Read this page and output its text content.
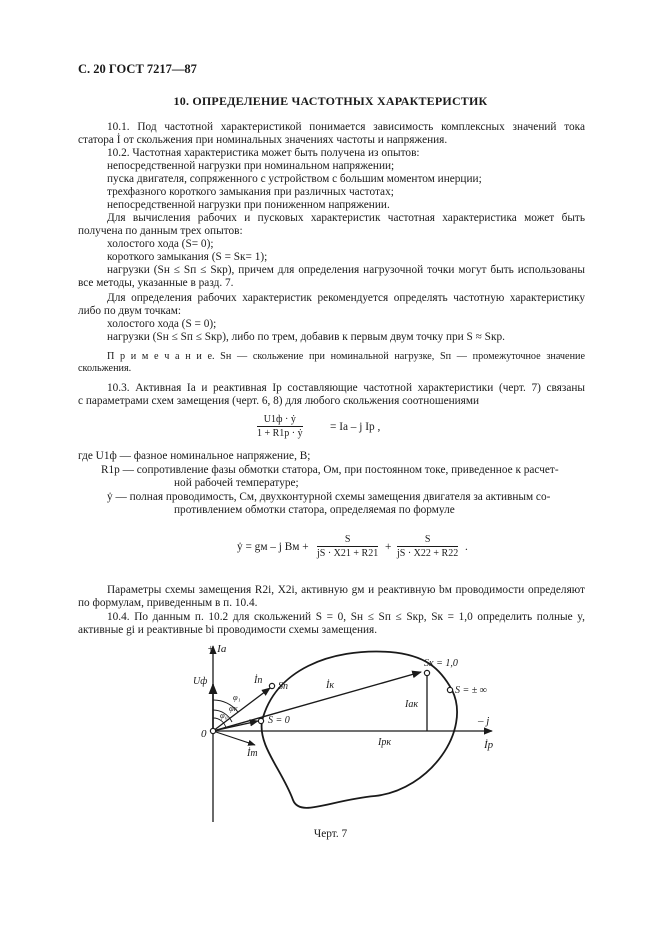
С. 20 ГОСТ 7217—87
10. ОПРЕДЕЛЕНИЕ ЧАСТОТНЫХ ХАРАКТЕРИСТИК
10.1. Под частотной характеристикой понимается зависимость комплексных значений тока
статора İ от скольжения при номинальных значениях частоты и напряжения.
10.2. Частотная характеристика может быть получена из опытов:
непосредственной нагрузки при номинальном напряжении;
пуска двигателя, сопряженного с устройством с большим моментом инерции;
трехфазного короткого замыкания при различных частотах;
непосредственной нагрузки при пониженном напряжении.
Для вычисления рабочих и пусковых характеристик частотная характеристика может быть
получена по данным трех опытов:
холостого хода (S= 0);
короткого замыкания (S = Sк= 1);
нагрузки (Sн ≤ Sп ≤ Sкр), причем для определения нагрузочной точки могут быть использованы
все методы, указанные в разд. 7.
Для определения рабочих характеристик рекомендуется определять частотную характеристику
либо по двум точкам:
холостого хода (S = 0);
нагрузки (Sн ≤ Sп ≤ Sкр), либо по трем, добавив к первым двум точку при S ≈ Sкр.
П р и м е ч а н и е. Sн — скольжение при номинальной нагрузке, Sп — промежуточное значение
скольжения.
10.3. Активная Iа и реактивная Iр составляющие частотной характеристики (черт. 7) связаны
с параметрами схем замещения (черт. 6, 8) для любого скольжения соотношениями
U1ф · ẏ
1 + R1р · ẏ
= Iа – j Iр ,
где U1ф — фазное номинальное напряжение, В;
R1р — сопротивление фазы обмотки статора, Ом, при постоянном токе, приведенное к расчет-
ной рабочей температуре;
ẏ — полная проводимость, См, двухконтурной схемы замещения двигателя за активным со-
противлением обмотки статора, определяемая по формуле
ẏ = gм – j Bм + $\frac{S}{jS \cdot X21 + R21} + \frac{S}{jS \cdot X22 + R22}$ .
Параметры схемы замещения R2i, X2i, активную gм и реактивную bм проводимости определяют
по формулам, приведенным в п. 10.4.
10.4. По данным п. 10.2 для скольжений S = 0, Sн ≤ Sп ≤ Sкр, Sк = 1,0 определить полные y,
активные gi и реактивные bi проводимости схемы замещения.
+ Iа
Uф
0
İп
Sп	İк
Sк = 1,0
S = ± ∞
Iак
S = 0	– j
Iрк	İр
İm
φ₁
φк
φ₀
Черт. 7
